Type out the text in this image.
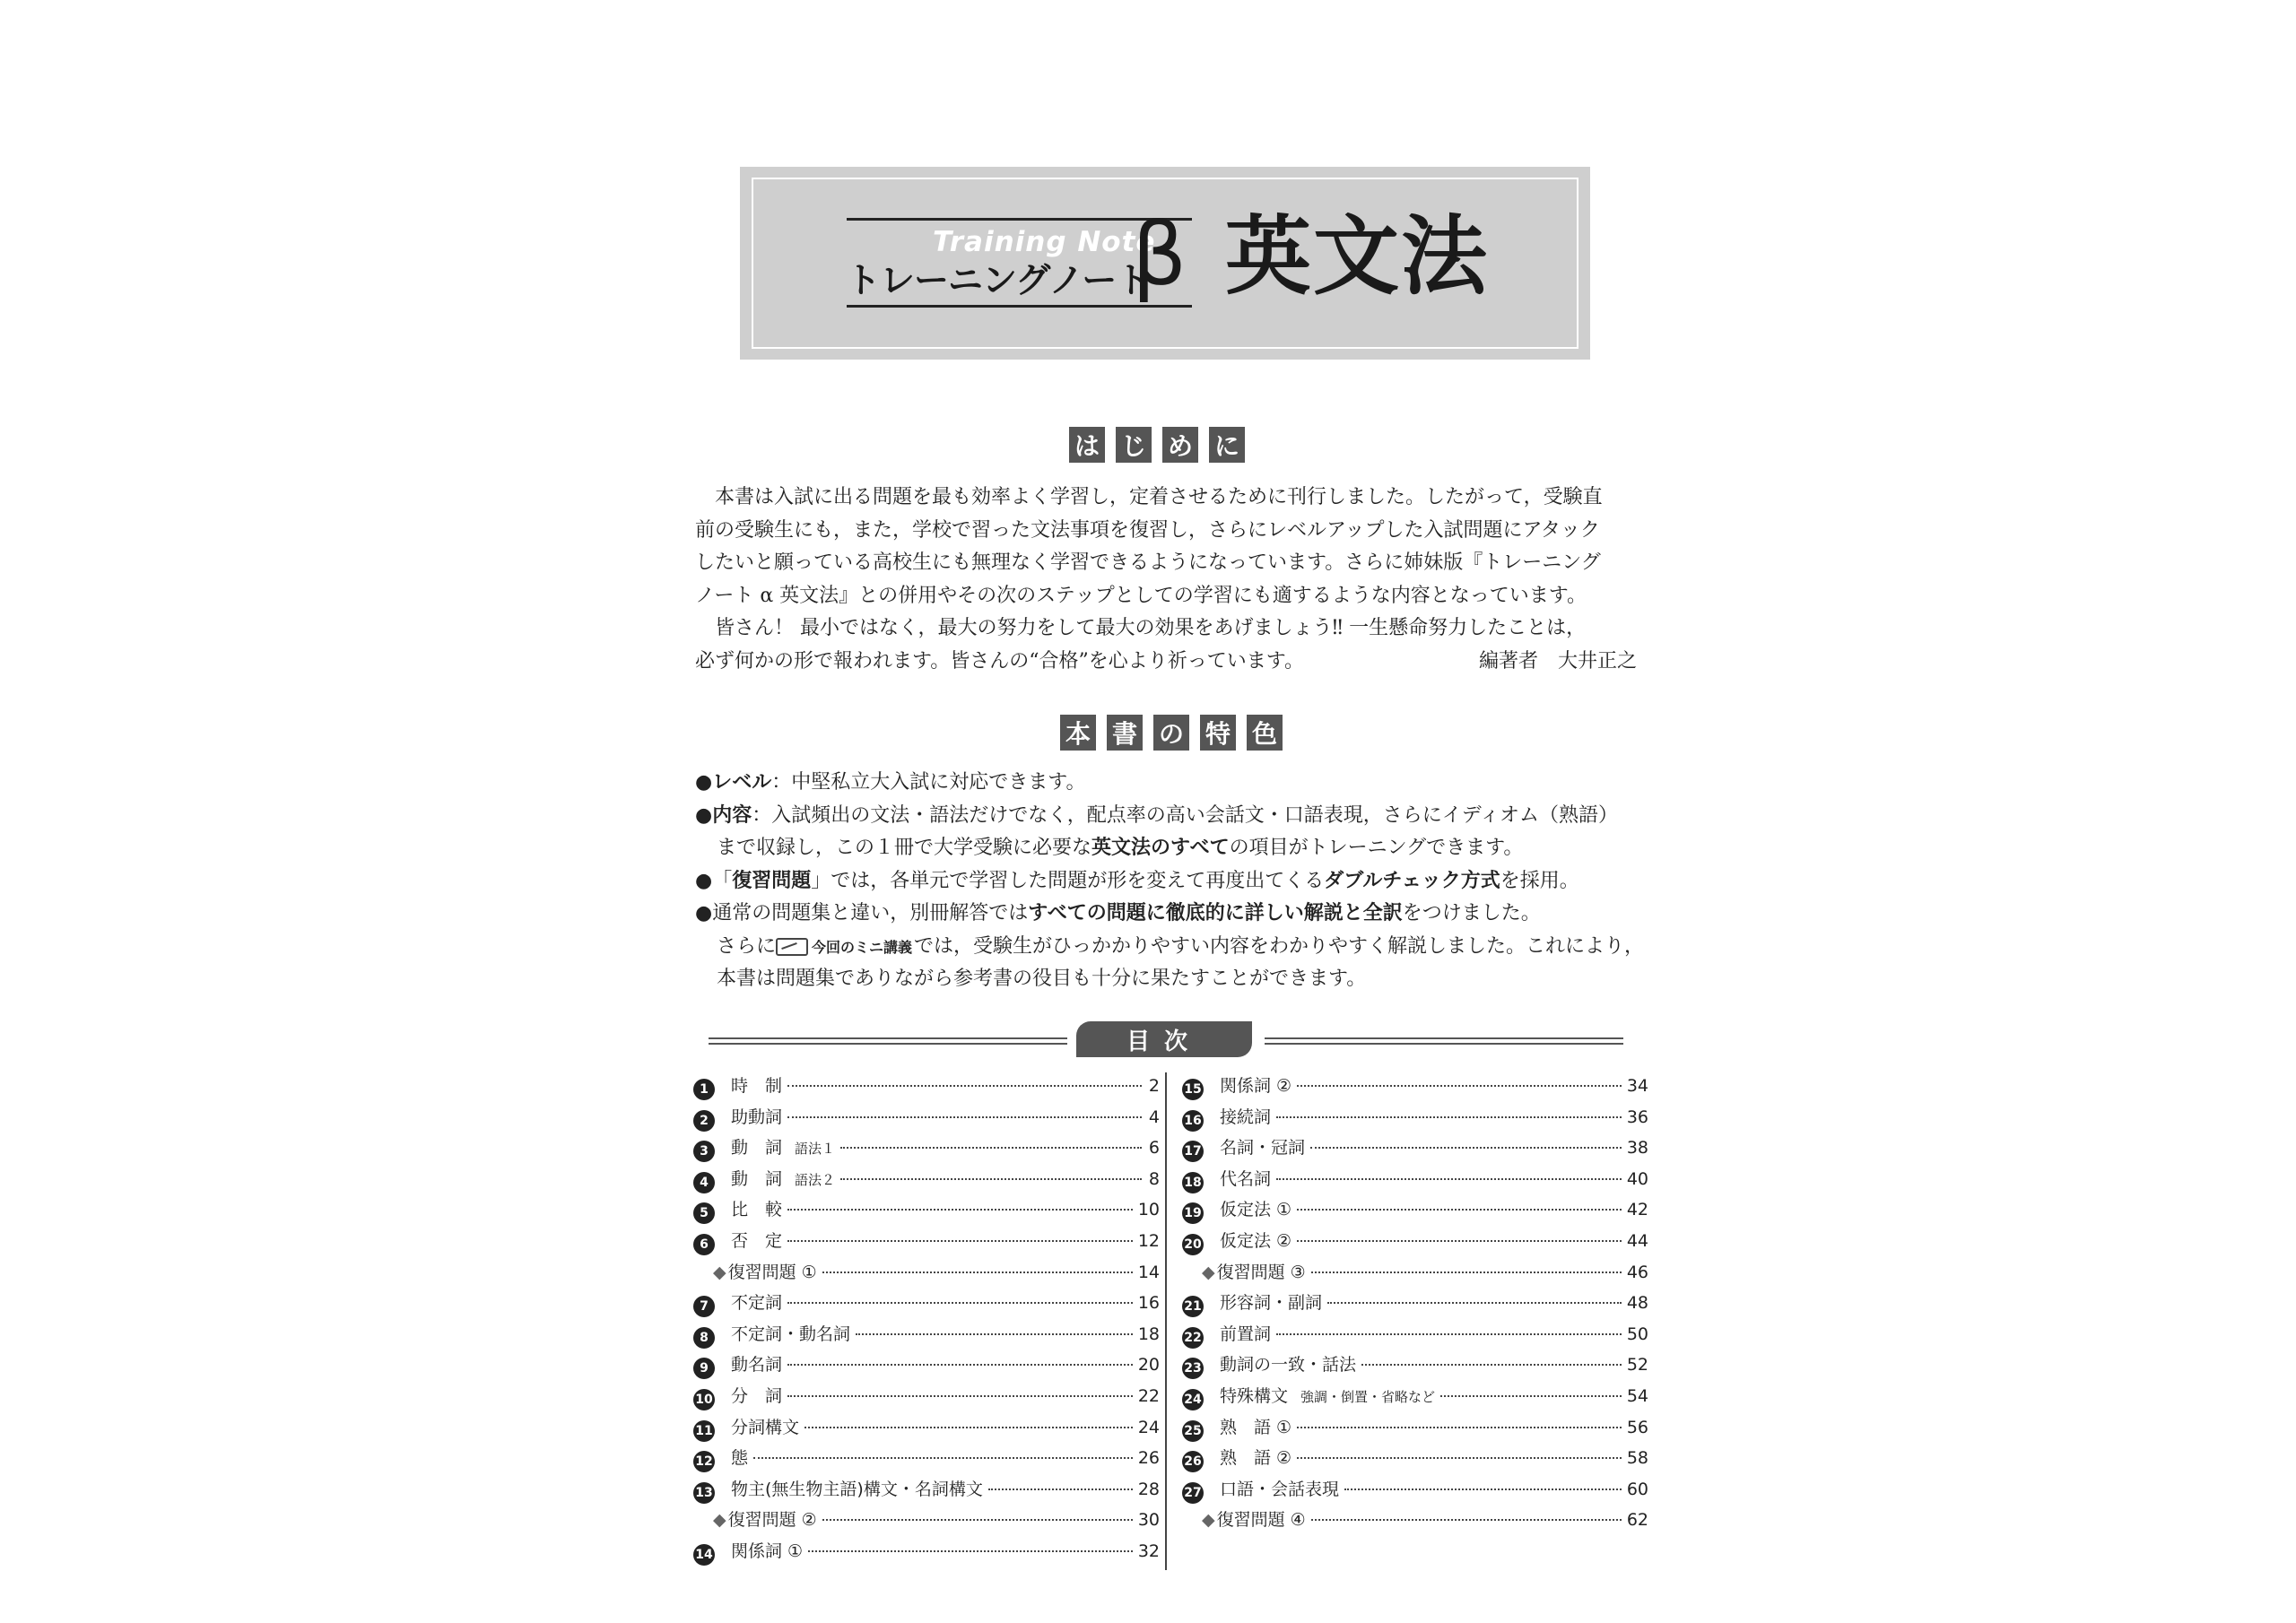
Training Note
トレーニングノート
β 英文法
は じ め に
本書は入試に出る問題を最も効率よく学習し，定着させるために刊行しました。したがって，受験直
前の受験生にも，また，学校で習った文法事項を復習し，さらにレベルアップした入試問題にアタック
したいと願っている高校生にも無理なく学習できるようになっています。さらに姉妹版『トレーニング
ノート α 英文法』との併用やその次のステップとしての学習にも適するような内容となっています。
皆さん！ 最小ではなく，最大の努力をして最大の効果をあげましょう‼ 一生懸命努力したことは，
必ず何かの形で報われます。皆さんの“合格”を心より祈っています。	編著者　大井正之
本 書 の 特 色
●レベル：中堅私立大入試に対応できます。
●内容：入試頻出の文法・語法だけでなく，配点率の高い会話文・口語表現，さらにイディオム（熟語）
まで収録し，この１冊で大学受験に必要な英文法のすべての項目がトレーニングできます。
●「復習問題」では，各単元で学習した問題が形を変えて再度出てくるダブルチェック方式を採用。
●通常の問題集と違い，別冊解答ではすべての問題に徹底的に詳しい解説と全訳をつけました。
さらに	今回のミニ講義では，受験生がひっかかりやすい内容をわかりやすく解説しました。これにより，
本書は問題集でありながら参考書の役目も十分に果たすことができます。
目次
1	時　制	2
2	助動詞	4
3	動　詞 語法１	6
4	動　詞 語法２	8
5	比　較	10
6	否　定	12
◆ 復習問題 ①	14
7	不定詞	16
8	不定詞・動名詞	18
9	動名詞	20
10 分　詞	22
11 分詞構文	24
12 態	26
13 物主(無生物主語)構文・名詞構文	28
◆ 復習問題 ②	30
14 関係詞 ①	32
15 関係詞 ②	34
16 接続詞	36
17 名詞・冠詞	38
18 代名詞	40
19 仮定法 ①	42
20 仮定法 ②	44
◆ 復習問題 ③	46
21 形容詞・副詞	48
22 前置詞	50
23 動詞の一致・話法	52
24 特殊構文 強調・倒置・省略など	54
25 熟　語 ①	56
26 熟　語 ②	58
27 口語・会話表現	60
◆ 復習問題 ④	62
